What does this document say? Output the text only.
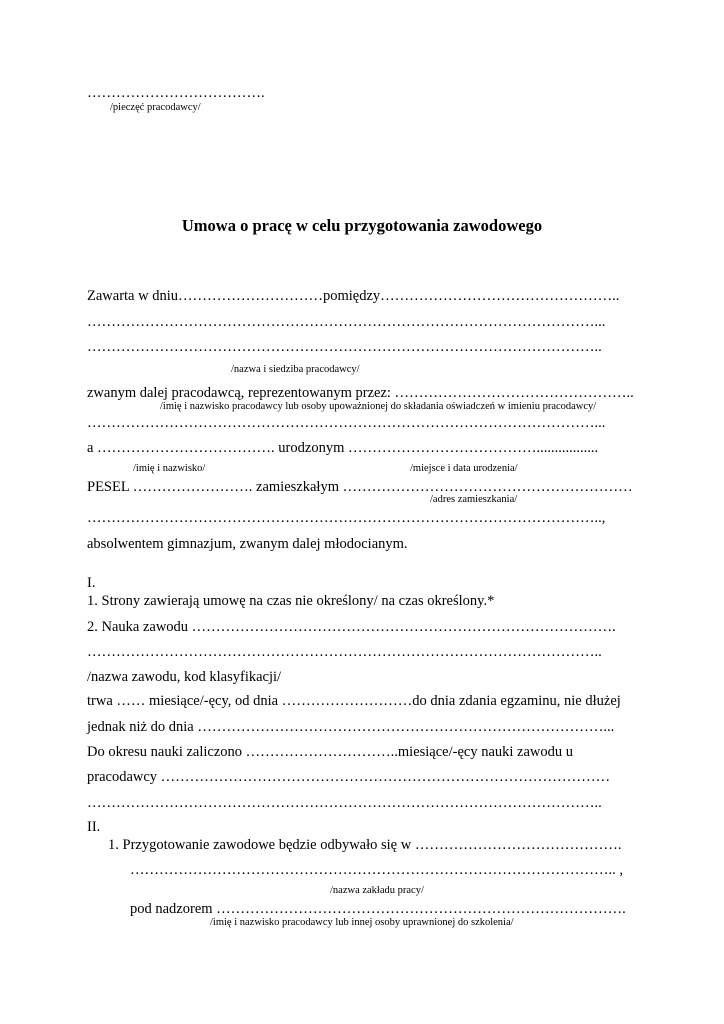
……………………………….
/pieczęć pracodawcy/
Umowa o pracę w celu przygotowania zawodowego
Zawarta w dniu…………………………pomiędzy…………………………………………..
……………………………………………………………………………………………...
……………………………………………………………………………………………..
/nazwa i siedziba pracodawcy/
zwanym dalej pracodawcą, reprezentowanym przez: …………………………………………..
/imię i nazwisko pracodawcy lub osoby upoważnionej do składania oświadczeń w imieniu pracodawcy/
……………………………………………………………………………………………...
a ………………………………. urodzonym ………………………………….................
/imię i nazwisko/	/miejsce i data urodzenia/
PESEL ……………………. zamieszkałym ……………………………………………………
/adres zamieszkania/
……………………………………………………………………………………………..,
absolwentem gimnazjum, zwanym dalej młodocianym.
I.
1. Strony zawierają umowę na czas nie określony/ na czas określony.*
2. Nauka zawodu …………………………………………………………………………….
……………………………………………………………………………………………..
/nazwa zawodu, kod klasyfikacji/
trwa …… miesiące/-ęcy, od dnia ………………………do dnia zdania egzaminu, nie dłużej
jednak niż do dnia …………………………………………………………………………...
Do okresu nauki zaliczono …………………………..miesiące/-ęcy nauki zawodu u
pracodawcy …………………………………………………………………………………
……………………………………………………………………………………………..
II.
1. Przygotowanie zawodowe będzie odbywało się w …………………………………….
……………………………………………………………………………………….. ,
/nazwa zakładu pracy/
pod nadzorem ………………………………………………………………………….
/imię i nazwisko pracodawcy lub innej osoby uprawnionej do szkolenia/
